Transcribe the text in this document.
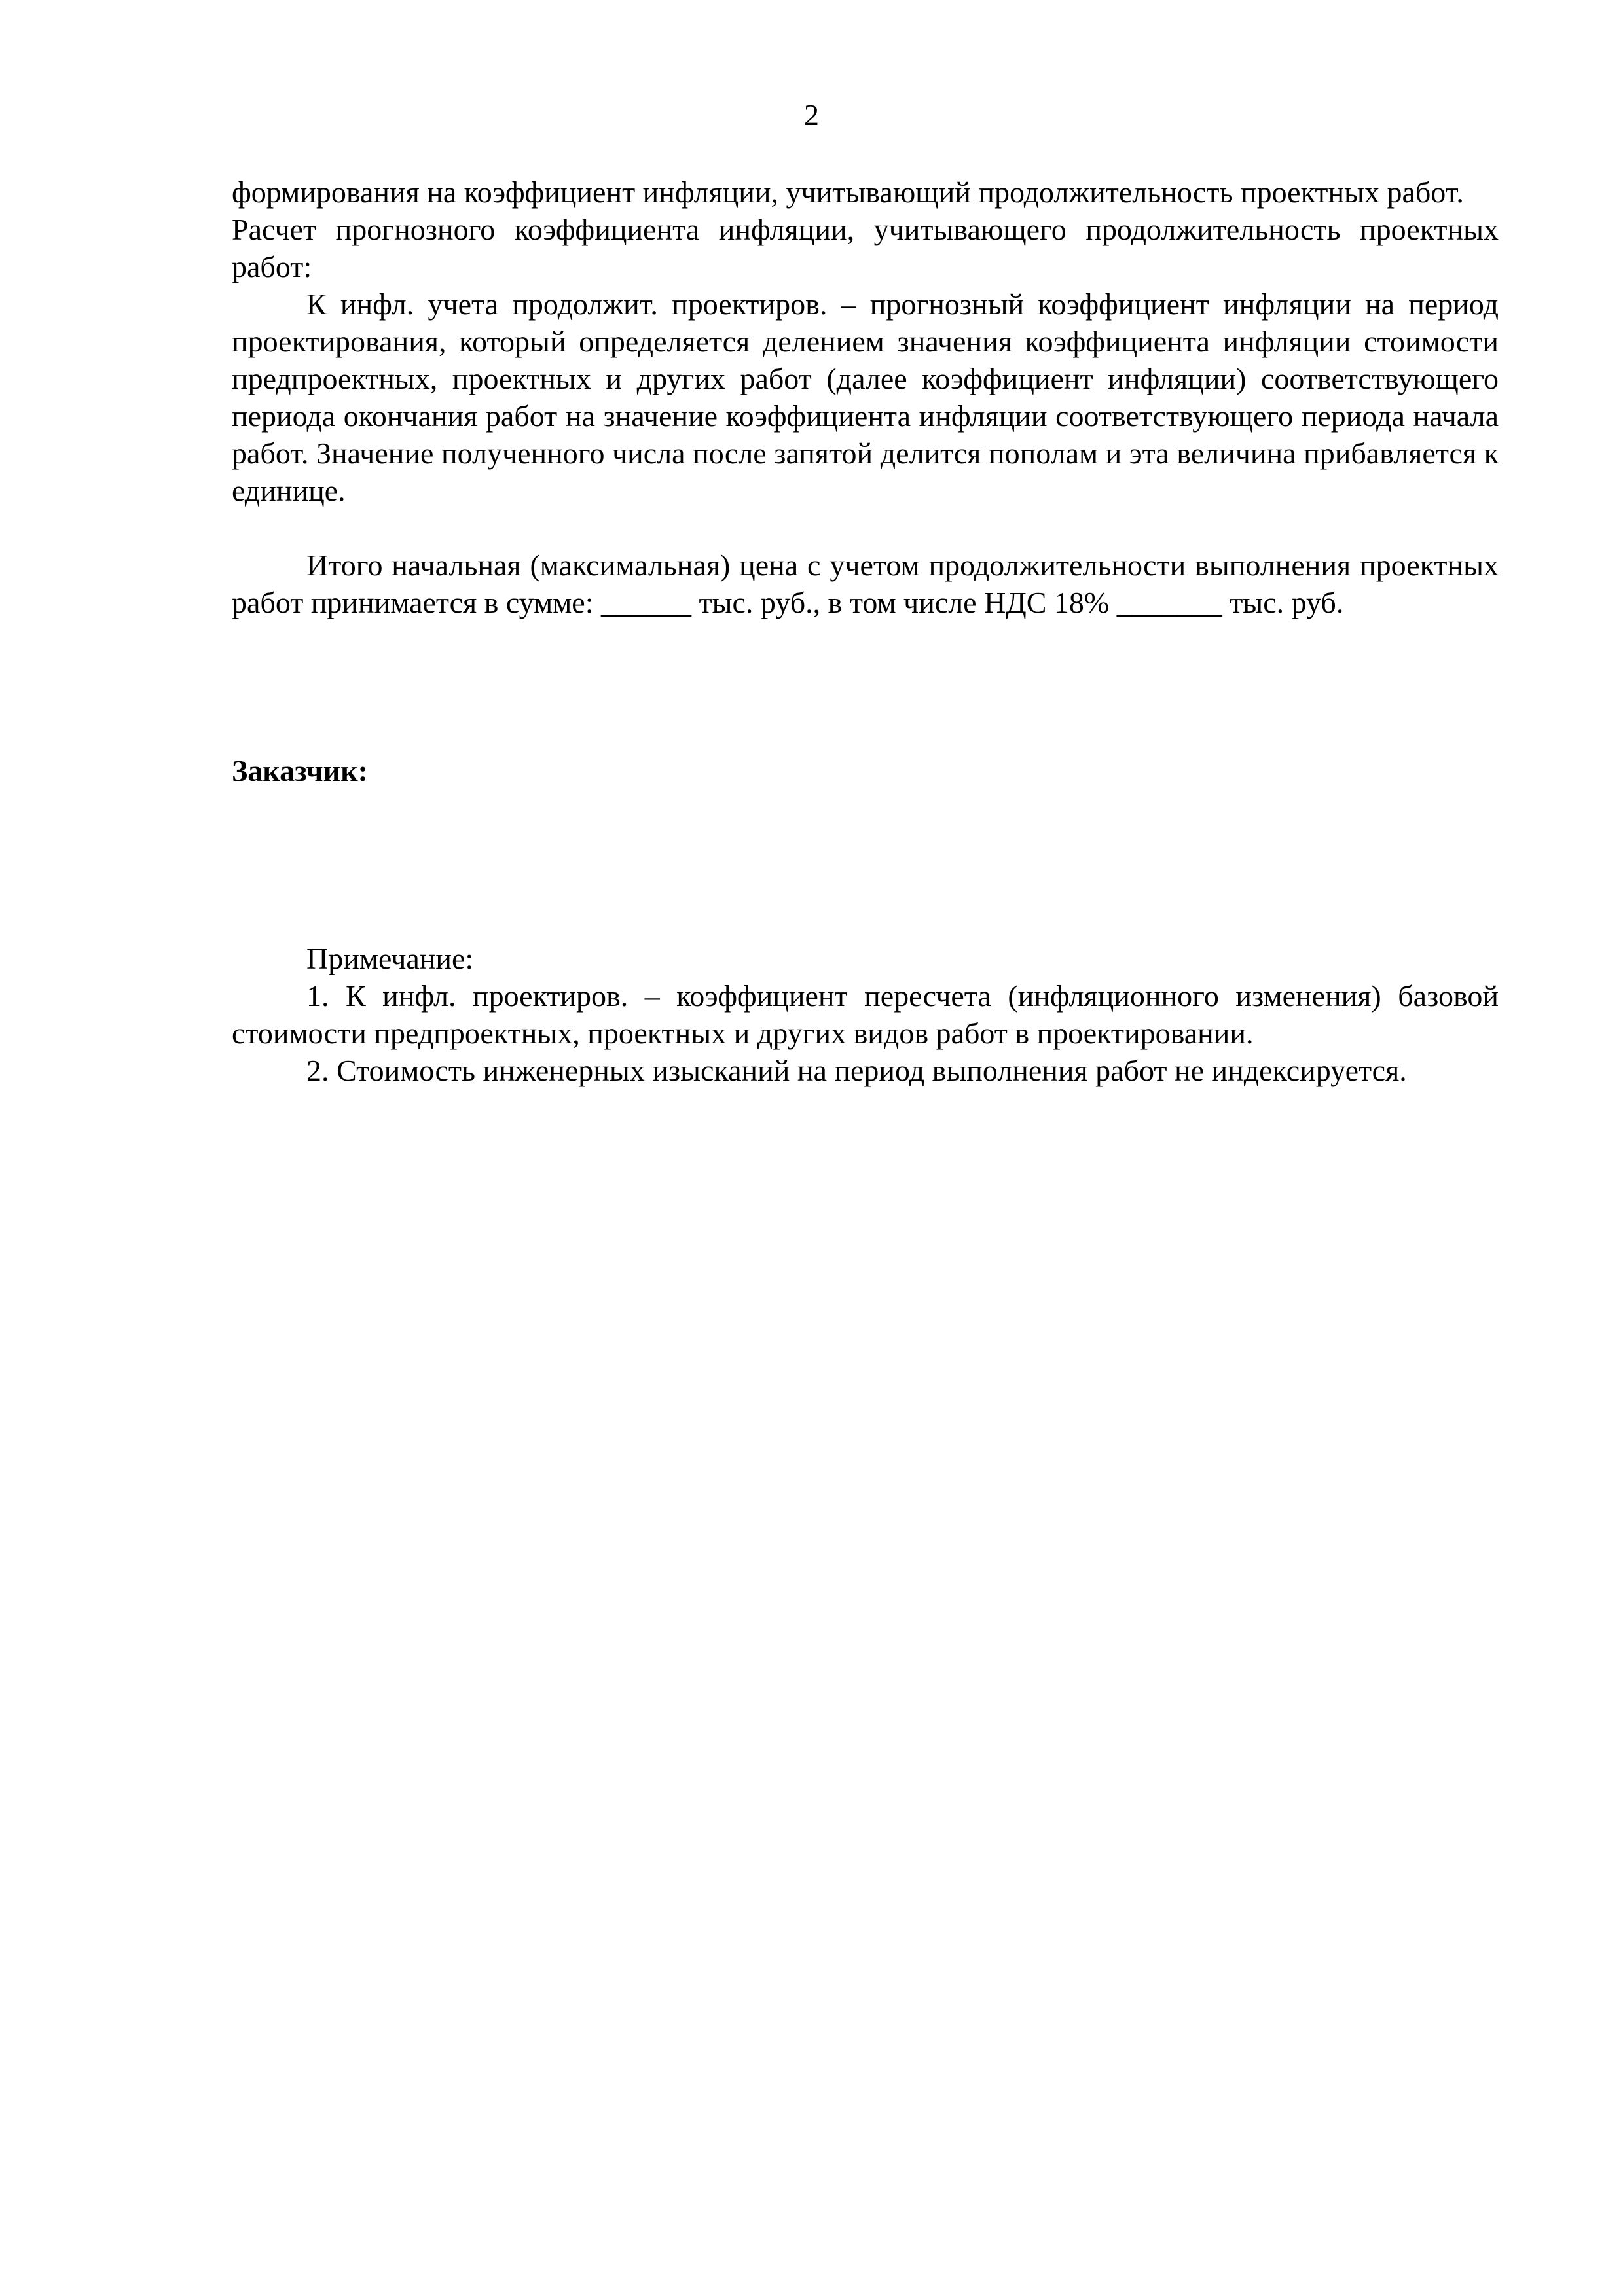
2

формирования на коэффициент инфляции, учитывающий продолжительность проектных работ.

Расчет прогнозного коэффициента инфляции, учитывающего продолжительность проектных работ:

К инфл. учета продолжит. проектиров. – прогнозный коэффициент инфляции на период проектирования, который определяется делением значения коэффициента инфляции стоимости предпроектных, проектных и других работ (далее коэффициент инфляции) соответствующего периода окончания работ на значение коэффициента инфляции соответствующего периода начала работ. Значение полученного числа после запятой делится пополам и эта величина прибавляется к единице.

Итого начальная (максимальная) цена с учетом продолжительности выполнения проектных работ принимается в сумме: ______ тыс. руб., в том числе НДС 18% _______ тыс. руб.

Заказчик:

Примечание:

1. К инфл. проектиров. – коэффициент пересчета (инфляционного изменения) базовой стоимости предпроектных, проектных и других видов работ в проектировании.

2. Стоимость инженерных изысканий на период выполнения работ не индексируется.
